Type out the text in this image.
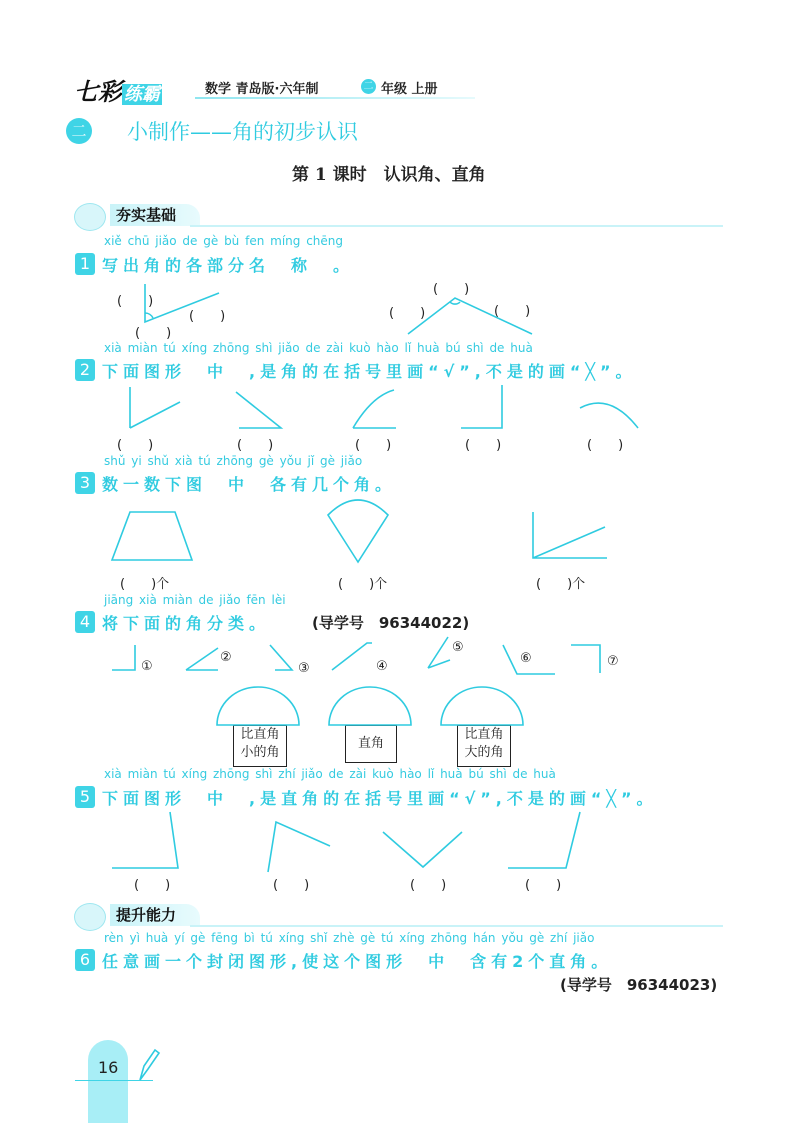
七彩 练霸	数学 青岛版·六年制	二 年级 上册
二 小制作——角的初步认识
第 1 课时　认识角、直角
夯实基础
xiě chū jiǎo de gè bù fen míng chēng
1 写出角的各部分名　称　。
(　　)
(　　)
(　　)
(　　)
(　　)	(　　)
xià miàn tú xíng zhōng shì jiǎo de zài kuò hào lǐ huà bú shì de huà
2 下面图形　中　,是角的在括号里画“√”,不是的画“╳”。
(　　)	(　　)	(　　)	(　　)	(　　)
shǔ yi shǔ xià tú zhōng gè yǒu jǐ gè jiǎo
3 数一数下图　中　各有几个角。
(　　)个	(　　)个	(　　)个
jiāng xià miàn de jiǎo fēn lèi
4 将下面的角分类。	(导学号　96344022)
①
②
③	④
⑤
⑥	⑦
比直角
小的角
直角
比直角
大的角
xià miàn tú xíng zhōng shì zhí jiǎo de zài kuò hào lǐ huà bú shì de huà
5 下面图形　中　,是直角的在括号里画“√”,不是的画“╳”。
(　　)	(　　)	(　　)	(　　)
提升能力
rèn yì huà yí gè fēng bì tú xíng shǐ zhè gè tú xíng zhōng hán yǒu gè zhí jiǎo
6 任意画一个封闭图形,使这个图形　中　含有2个直角。
(导学号　96344023)
16
